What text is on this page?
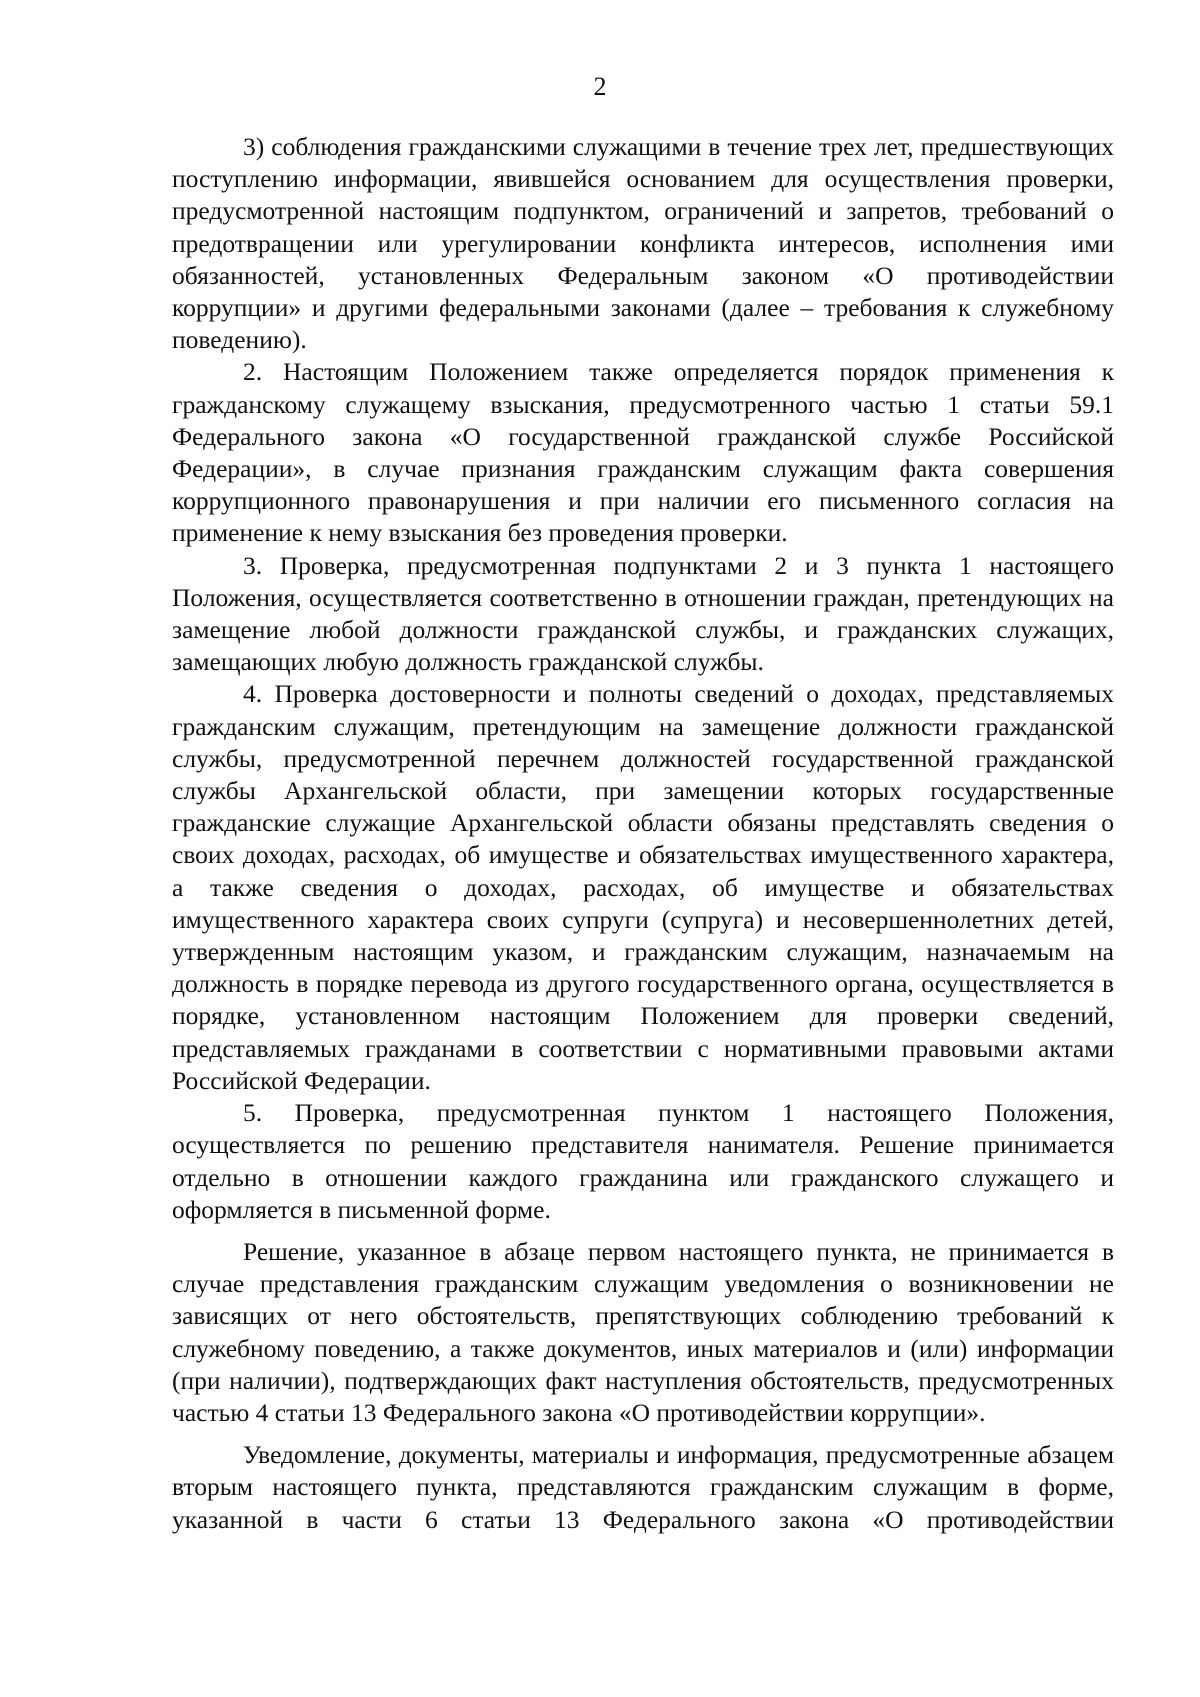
2

3) соблюдения гражданскими служащими в течение трех лет, предшествующих поступлению информации, явившейся основанием для осуществления проверки, предусмотренной настоящим подпунктом, ограничений и запретов, требований о предотвращении или урегулировании конфликта интересов, исполнения ими обязанностей, установленных Федеральным законом «О противодействии коррупции» и другими федеральными законами (далее – требования к служебному поведению).

2. Настоящим Положением также определяется порядок применения к гражданскому служащему взыскания, предусмотренного частью 1 статьи 59.1 Федерального закона «О государственной гражданской службе Российской Федерации», в случае признания гражданским служащим факта совершения коррупционного правонарушения и при наличии его письменного согласия на применение к нему взыскания без проведения проверки.

3. Проверка, предусмотренная подпунктами 2 и 3 пункта 1 настоящего Положения, осуществляется соответственно в отношении граждан, претендующих на замещение любой должности гражданской службы, и гражданских служащих, замещающих любую должность гражданской службы.

4. Проверка достоверности и полноты сведений о доходах, представляемых гражданским служащим, претендующим на замещение должности гражданской службы, предусмотренной перечнем должностей государственной гражданской службы Архангельской области, при замещении которых государственные гражданские служащие Архангельской области обязаны представлять сведения о своих доходах, расходах, об имуществе и обязательствах имущественного характера, а также сведения о доходах, расходах, об имуществе и обязательствах имущественного характера своих супруги (супруга) и несовершеннолетних детей, утвержденным настоящим указом, и гражданским служащим, назначаемым на должность в порядке перевода из другого государственного органа, осуществляется в порядке, установленном настоящим Положением для проверки сведений, представляемых гражданами в соответствии с нормативными правовыми актами Российской Федерации.

5. Проверка, предусмотренная пунктом 1 настоящего Положения, осуществляется по решению представителя нанимателя. Решение принимается отдельно в отношении каждого гражданина или гражданского служащего и оформляется в письменной форме.

Решение, указанное в абзаце первом настоящего пункта, не принимается в случае представления гражданским служащим уведомления о возникновении не зависящих от него обстоятельств, препятствующих соблюдению требований к служебному поведению, а также документов, иных материалов и (или) информации (при наличии), подтверждающих факт наступления обстоятельств, предусмотренных частью 4 статьи 13 Федерального закона «О противодействии коррупции».

Уведомление, документы, материалы и информация, предусмотренные абзацем вторым настоящего пункта, представляются гражданским служащим в форме, указанной в части 6 статьи 13 Федерального закона «О противодействии
